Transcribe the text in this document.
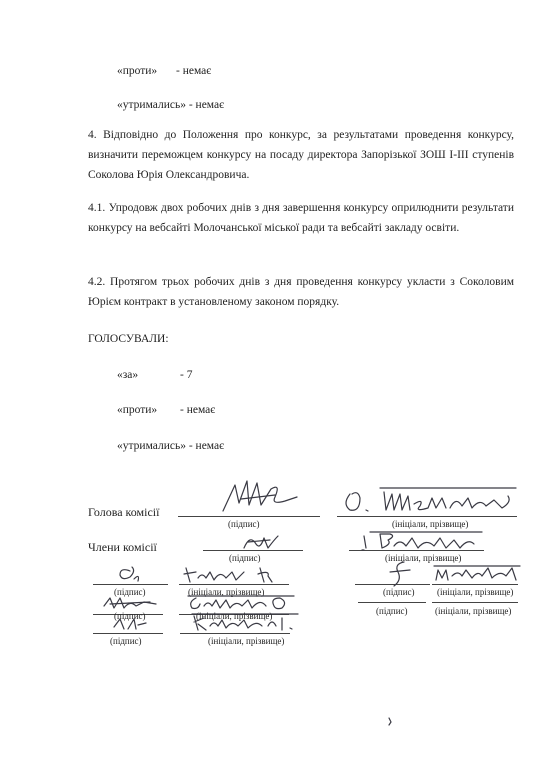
«проти» - немає
«утримались» - немає
4. Відповідно до Положення про конкурс, за результатами проведення конкурсу, визначити переможцем конкурсу на посаду директора Запорізької ЗОШ І-ІІІ ступенів Соколова Юрія Олександровича.
4.1. Упродовж двох робочих днів з дня завершення конкурсу оприлюднити результати конкурсу на вебсайті Молочанської міської ради та вебсайті закладу освіти.
4.2. Протягом трьох робочих днів з дня проведення конкурсу укласти з Соколовим Юрієм контракт в установленому законом порядку.
ГОЛОСУВАЛИ:
«за»	- 7
«проти» - немає
«утримались» - немає
Голова комісії
(підпис)	(ініціали, прізвище)
Члени комісії
(підпис)	(ініціали, прізвище)
(підпис)	(ініціали, прізвище)	(підпис) (ініціали, прізвище)
(підпис)	(ініціали, прізвище)	(підпис)	(ініціали, прізвище)
(підпис)	(ініціали, прізвище)
